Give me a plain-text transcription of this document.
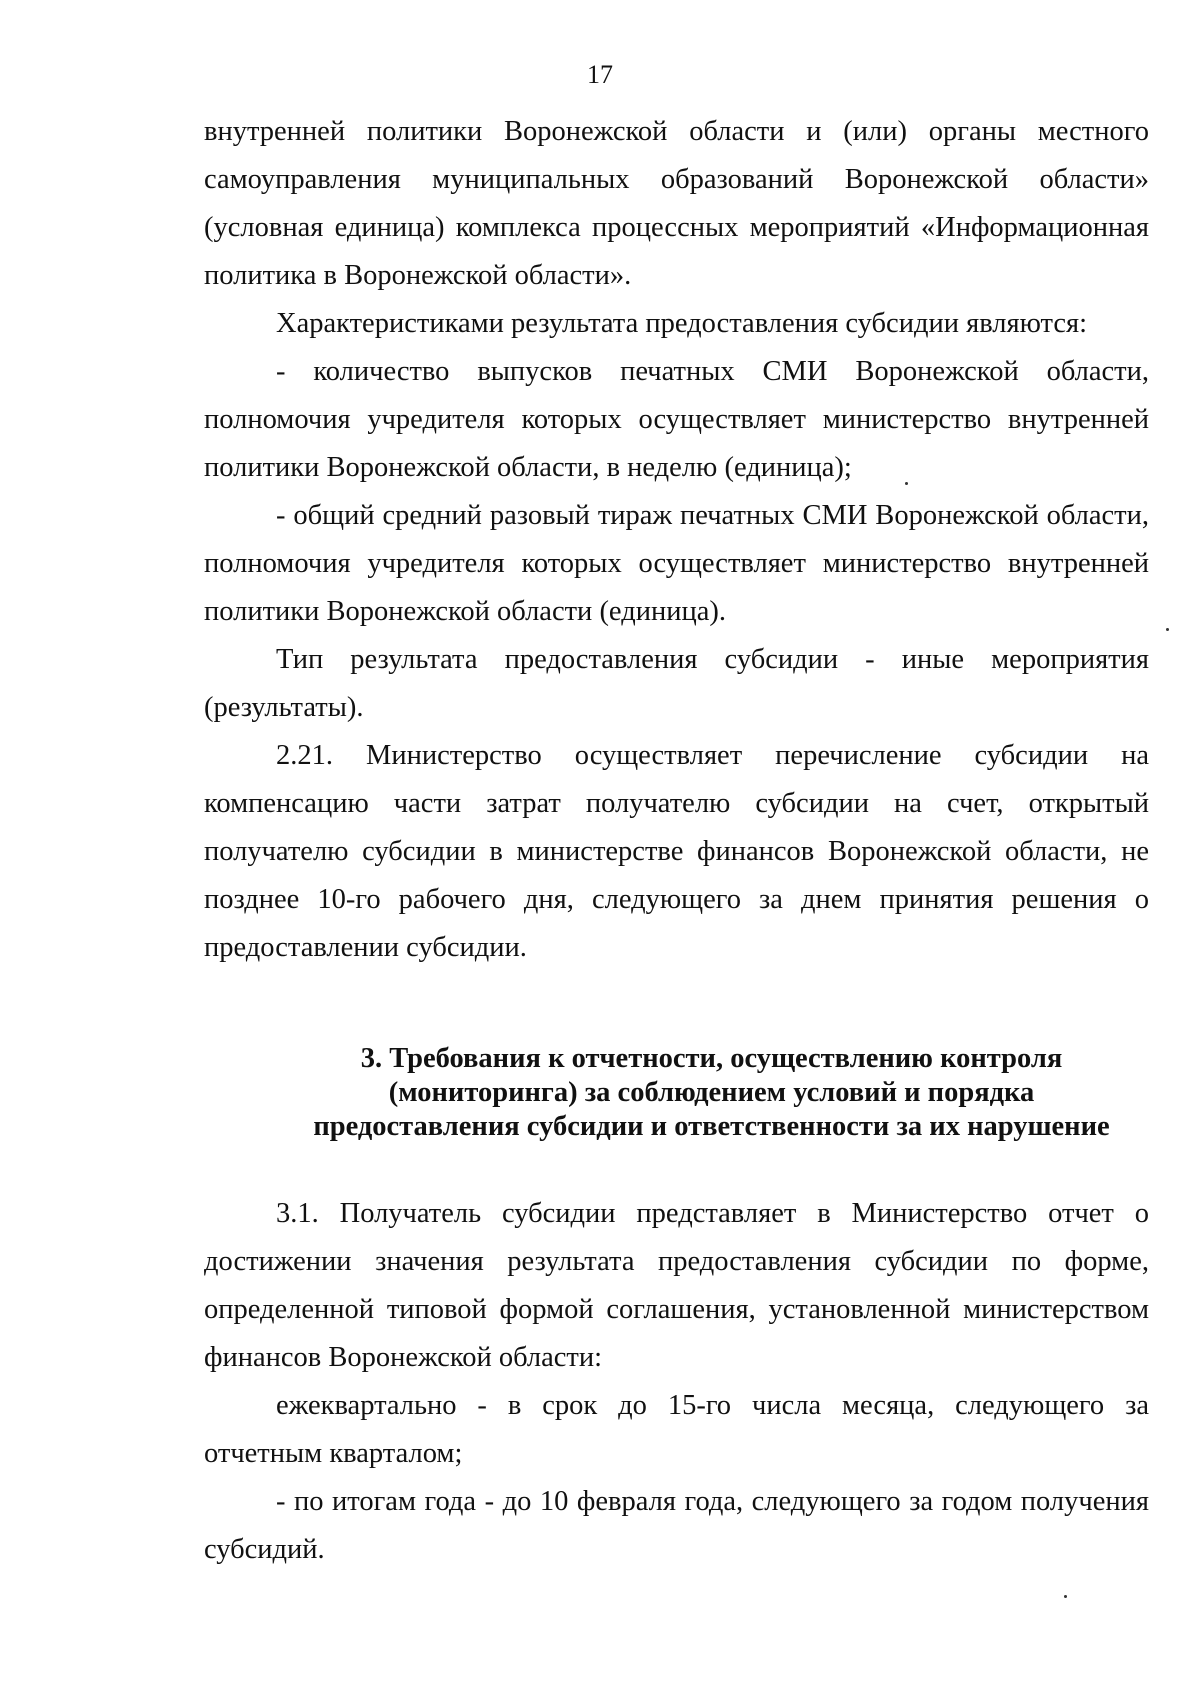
17

внутренней политики Воронежской области и (или) органы местного самоуправления муниципальных образований Воронежской области» (условная единица) комплекса процессных мероприятий «Информационная политика в Воронежской области».

Характеристиками результата предоставления субсидии являются:

- количество выпусков печатных СМИ Воронежской области, полномочия учредителя которых осуществляет министерство внутренней политики Воронежской области, в неделю (единица);

- общий средний разовый тираж печатных СМИ Воронежской области, полномочия учредителя которых осуществляет министерство внутренней политики Воронежской области (единица).

Тип результата предоставления субсидии - иные мероприятия (результаты).

2.21. Министерство осуществляет перечисление субсидии на компенсацию части затрат получателю субсидии на счет, открытый получателю субсидии в министерстве финансов Воронежской области, не позднее 10-го рабочего дня, следующего за днем принятия решения о предоставлении субсидии.

3. Требования к отчетности, осуществлению контроля
(мониторинга) за соблюдением условий и порядка
предоставления субсидии и ответственности за их нарушение

3.1. Получатель субсидии представляет в Министерство отчет о достижении значения результата предоставления субсидии по форме, определенной типовой формой соглашения, установленной министерством финансов Воронежской области:

ежеквартально - в срок до 15-го числа месяца, следующего за отчетным кварталом;

- по итогам года - до 10 февраля года, следующего за годом получения субсидий.
